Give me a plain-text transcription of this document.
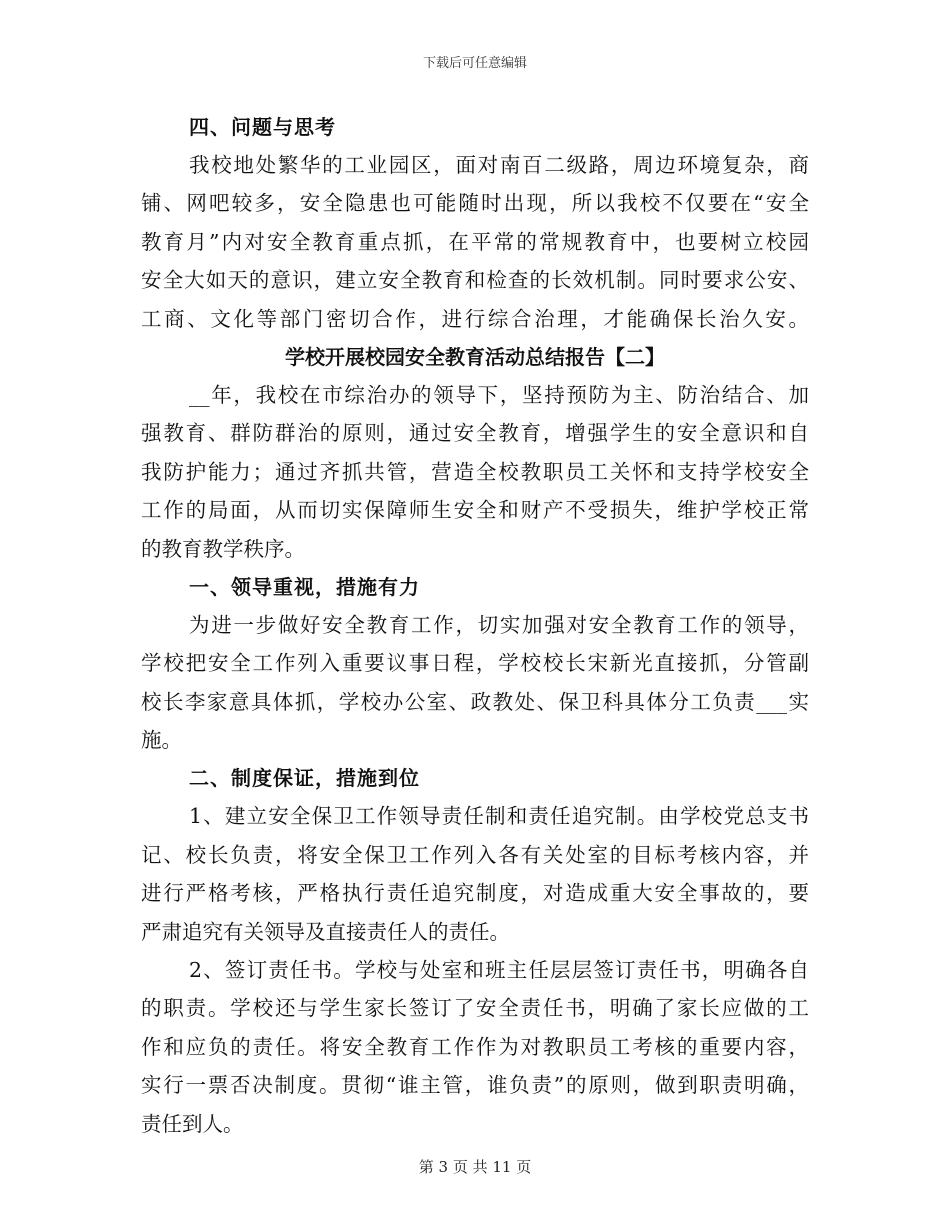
下载后可任意编辑
四、问题与思考
我校地处繁华的工业园区，面对南百二级路，周边环境复杂，商
铺、网吧较多，安全隐患也可能随时出现，所以我校不仅要在“安全
教育月”内对安全教育重点抓，在平常的常规教育中，也要树立校园
安全大如天的意识，建立安全教育和检查的长效机制。同时要求公安、
工商、文化等部门密切合作，进行综合治理，才能确保长治久安。
学校开展校园安全教育活动总结报告【二】
__年，我校在市综治办的领导下，坚持预防为主、防治结合、加
强教育、群防群治的原则，通过安全教育，增强学生的安全意识和自
我防护能力；通过齐抓共管，营造全校教职员工关怀和支持学校安全
工作的局面，从而切实保障师生安全和财产不受损失，维护学校正常
的教育教学秩序。
一、领导重视，措施有力
为进一步做好安全教育工作，切实加强对安全教育工作的领导，
学校把安全工作列入重要议事日程，学校校长宋新光直接抓，分管副
校长李家意具体抓，学校办公室、政教处、保卫科具体分工负责___实
施。
二、制度保证，措施到位
1、建立安全保卫工作领导责任制和责任追究制。由学校党总支书
记、校长负责，将安全保卫工作列入各有关处室的目标考核内容，并
进行严格考核，严格执行责任追究制度，对造成重大安全事故的，要
严肃追究有关领导及直接责任人的责任。
2、签订责任书。学校与处室和班主任层层签订责任书，明确各自
的职责。学校还与学生家长签订了安全责任书，明确了家长应做的工
作和应负的责任。将安全教育工作作为对教职员工考核的重要内容，
实行一票否决制度。贯彻“谁主管，谁负责”的原则，做到职责明确，
责任到人。
第 3 页 共 11 页
